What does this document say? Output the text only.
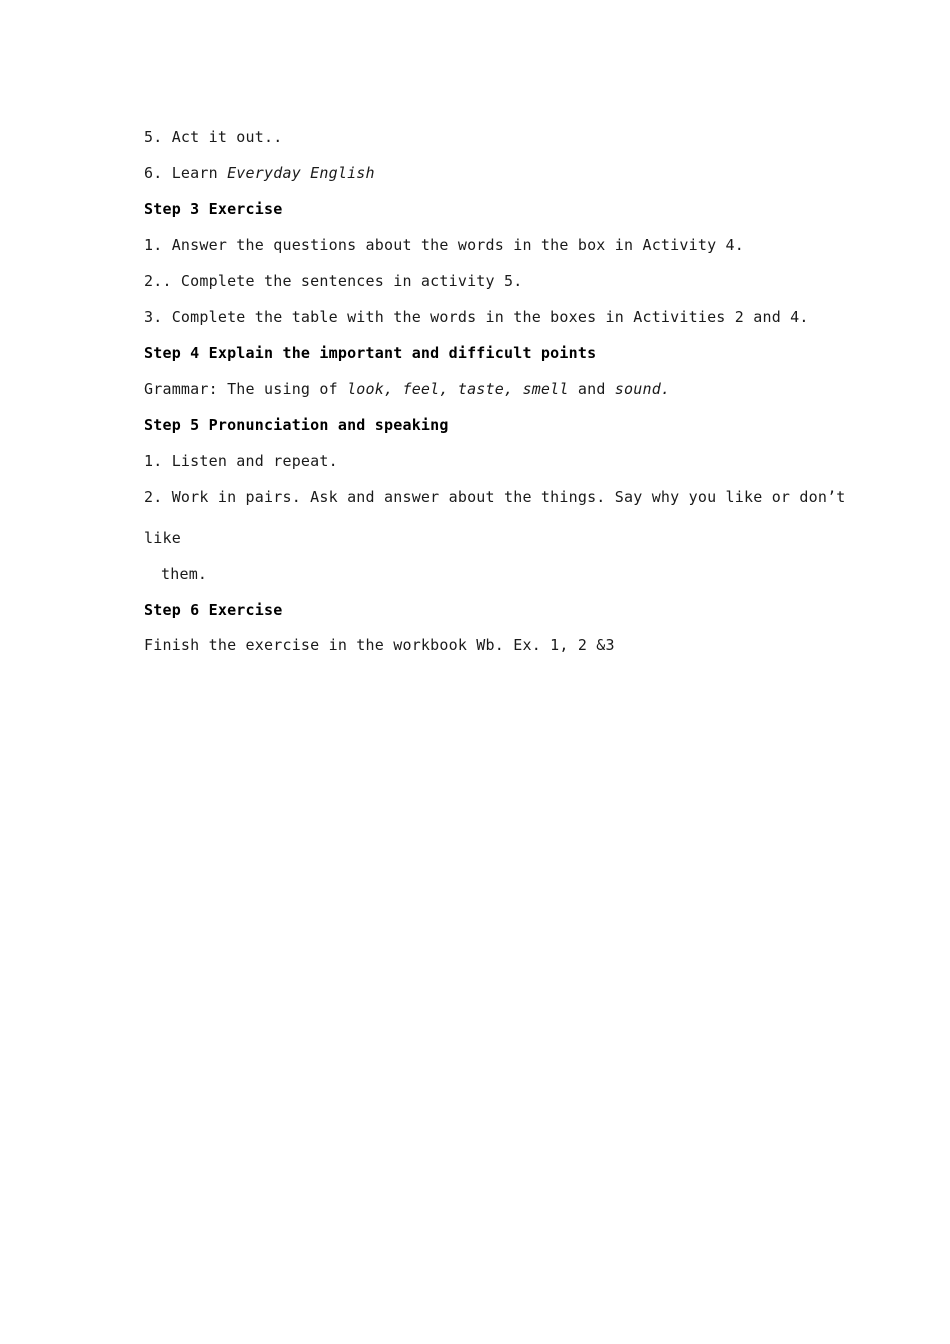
5. Act it out..
6. Learn Everyday English
Step 3 Exercise
1. Answer the questions about the words in the box in Activity 4.
2.. Complete the sentences in activity 5.
3. Complete the table with the words in the boxes in Activities 2 and 4.
Step 4 Explain the important and difficult points
Grammar: The using of look, feel, taste, smell and sound.
Step 5 Pronunciation and speaking
1. Listen and repeat.
2. Work in pairs. Ask and answer about the things. Say why you like or don’t
like
them.
Step 6 Exercise
Finish the exercise in the workbook Wb. Ex. 1, 2 &3
